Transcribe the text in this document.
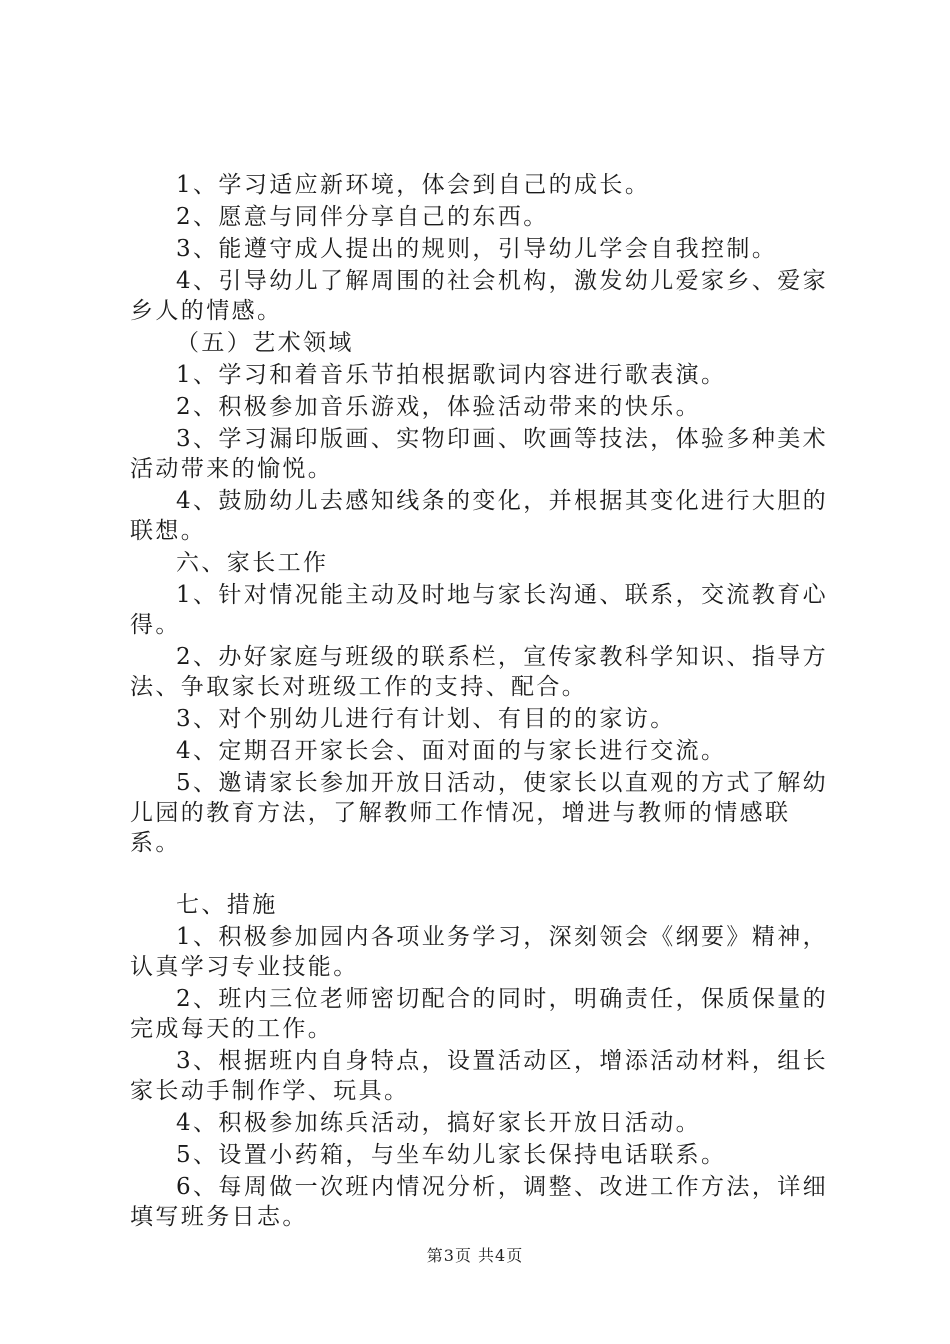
1、学习适应新环境，体会到自己的成长。

2、愿意与同伴分享自己的东西。

3、能遵守成人提出的规则，引导幼儿学会自我控制。

4、引导幼儿了解周围的社会机构，激发幼儿爱家乡、爱家乡人的情感。

（五）艺术领域

1、学习和着音乐节拍根据歌词内容进行歌表演。

2、积极参加音乐游戏，体验活动带来的快乐。

3、学习漏印版画、实物印画、吹画等技法，体验多种美术活动带来的愉悦。

4、鼓励幼儿去感知线条的变化，并根据其变化进行大胆的联想。

六、家长工作

1、针对情况能主动及时地与家长沟通、联系，交流教育心得。

2、办好家庭与班级的联系栏，宣传家教科学知识、指导方法、争取家长对班级工作的支持、配合。

3、对个别幼儿进行有计划、有目的的家访。

4、定期召开家长会、面对面的与家长进行交流。

5、邀请家长参加开放日活动，使家长以直观的方式了解幼儿园的教育方法，了解教师工作情况，增进与教师的情感联系。

七、措施

1、积极参加园内各项业务学习，深刻领会《纲要》精神，认真学习专业技能。

2、班内三位老师密切配合的同时，明确责任，保质保量的完成每天的工作。

3、根据班内自身特点，设置活动区，增添活动材料，组长家长动手制作学、玩具。

4、积极参加练兵活动，搞好家长开放日活动。

5、设置小药箱，与坐车幼儿家长保持电话联系。

6、每周做一次班内情况分析，调整、改进工作方法，详细填写班务日志。

第3页 共4页
